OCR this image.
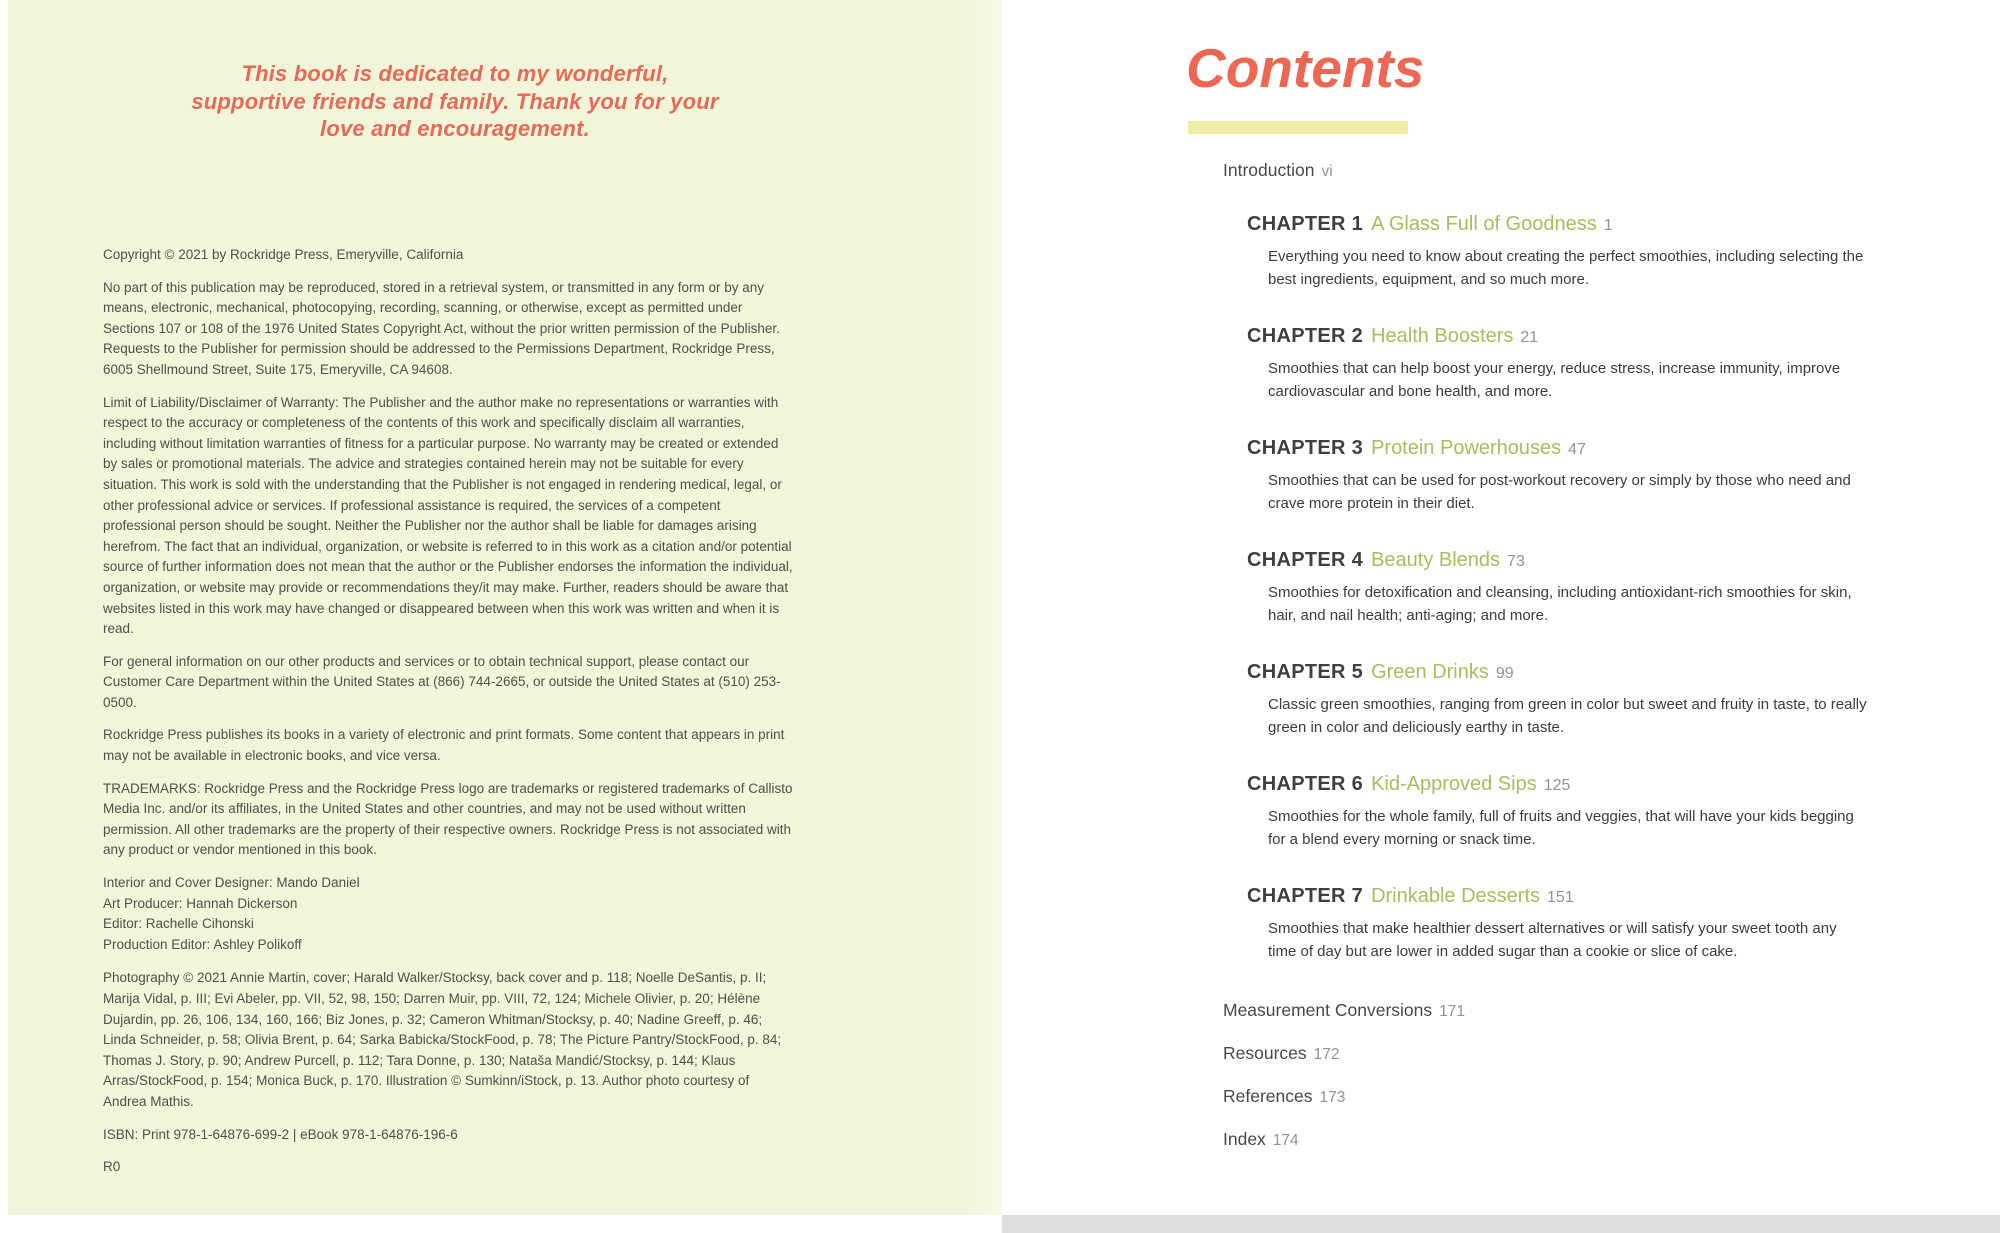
This book is dedicated to my wonderful, supportive friends and family. Thank you for your love and encouragement.

Copyright © 2021 by Rockridge Press, Emeryville, California

No part of this publication may be reproduced, stored in a retrieval system, or transmitted in any form or by any means, electronic, mechanical, photocopying, recording, scanning, or otherwise, except as permitted under Sections 107 or 108 of the 1976 United States Copyright Act, without the prior written permission of the Publisher. Requests to the Publisher for permission should be addressed to the Permissions Department, Rockridge Press, 6005 Shellmound Street, Suite 175, Emeryville, CA 94608.

Limit of Liability/Disclaimer of Warranty: The Publisher and the author make no representations or warranties with respect to the accuracy or completeness of the contents of this work and specifically disclaim all warranties, including without limitation warranties of fitness for a particular purpose. No warranty may be created or extended by sales or promotional materials. The advice and strategies contained herein may not be suitable for every situation. This work is sold with the understanding that the Publisher is not engaged in rendering medical, legal, or other professional advice or services. If professional assistance is required, the services of a competent professional person should be sought. Neither the Publisher nor the author shall be liable for damages arising herefrom. The fact that an individual, organization, or website is referred to in this work as a citation and/or potential source of further information does not mean that the author or the Publisher endorses the information the individual, organization, or website may provide or recommendations they/it may make. Further, readers should be aware that websites listed in this work may have changed or disappeared between when this work was written and when it is read.

For general information on our other products and services or to obtain technical support, please contact our Customer Care Department within the United States at (866) 744-2665, or outside the United States at (510) 253-0500.

Rockridge Press publishes its books in a variety of electronic and print formats. Some content that appears in print may not be available in electronic books, and vice versa.

TRADEMARKS: Rockridge Press and the Rockridge Press logo are trademarks or registered trademarks of Callisto Media Inc. and/or its affiliates, in the United States and other countries, and may not be used without written permission. All other trademarks are the property of their respective owners. Rockridge Press is not associated with any product or vendor mentioned in this book.

Interior and Cover Designer: Mando Daniel

Art Producer: Hannah Dickerson

Editor: Rachelle Cihonski

Production Editor: Ashley Polikoff

Photography © 2021 Annie Martin, cover; Harald Walker/Stocksy, back cover and p. 118; Noelle DeSantis, p. II; Marija Vidal, p. III; Evi Abeler, pp. VII, 52, 98, 150; Darren Muir, pp. VIII, 72, 124; Michele Olivier, p. 20; Hélène Dujardin, pp. 26, 106, 134, 160, 166; Biz Jones, p. 32; Cameron Whitman/Stocksy, p. 40; Nadine Greeff, p. 46; Linda Schneider, p. 58; Olivia Brent, p. 64; Sarka Babicka/StockFood, p. 78; The Picture Pantry/StockFood, p. 84; Thomas J. Story, p. 90; Andrew Purcell, p. 112; Tara Donne, p. 130; Nataša Mandić/Stocksy, p. 144; Klaus Arras/StockFood, p. 154; Monica Buck, p. 170. Illustration © Sumkinn/iStock, p. 13. Author photo courtesy of Andrea Mathis.

ISBN: Print 978-1-64876-699-2 | eBook 978-1-64876-196-6

R0

Contents
Introduction vi
CHAPTER 1 A Glass Full of Goodness 1
Everything you need to know about creating the perfect smoothies, including selecting the best ingredients, equipment, and so much more.
CHAPTER 2 Health Boosters 21
Smoothies that can help boost your energy, reduce stress, increase immunity, improve cardiovascular and bone health, and more.
CHAPTER 3 Protein Powerhouses 47
Smoothies that can be used for post-workout recovery or simply by those who need and crave more protein in their diet.
CHAPTER 4 Beauty Blends 73
Smoothies for detoxification and cleansing, including antioxidant-rich smoothies for skin, hair, and nail health; anti-aging; and more.
CHAPTER 5 Green Drinks 99
Classic green smoothies, ranging from green in color but sweet and fruity in taste, to really green in color and deliciously earthy in taste.
CHAPTER 6 Kid-Approved Sips 125
Smoothies for the whole family, full of fruits and veggies, that will have your kids begging for a blend every morning or snack time.
CHAPTER 7 Drinkable Desserts 151
Smoothies that make healthier dessert alternatives or will satisfy your sweet tooth any time of day but are lower in added sugar than a cookie or slice of cake.
Measurement Conversions 171
Resources 172
References 173
Index 174
